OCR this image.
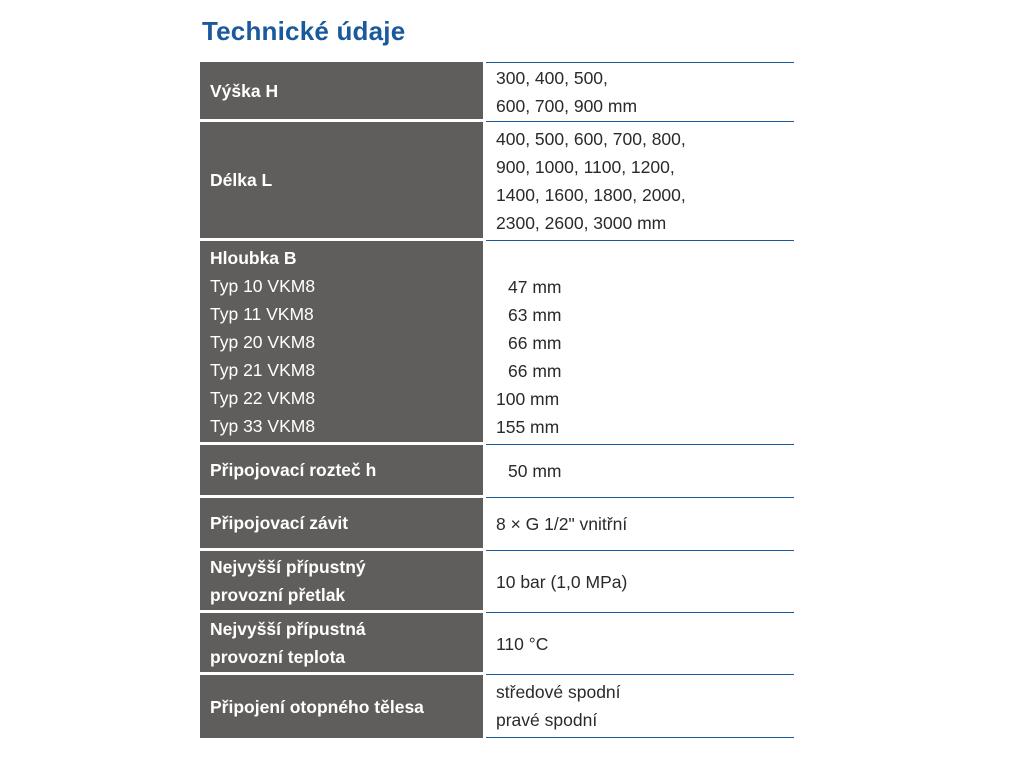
Technické údaje
Výška H
300, 400, 500,
600, 700, 900 mm
Délka L
400, 500, 600, 700, 800,
900, 1000, 1100, 1200,
1400, 1600, 1800, 2000,
2300, 2600, 3000 mm
Hloubka B
Typ 10 VKM8
Typ 11 VKM8
Typ 20 VKM8
Typ 21 VKM8
Typ 22 VKM8
Typ 33 VKM8
47 mm
63 mm
66 mm
66 mm
100 mm
155 mm
Připojovací rozteč h	50 mm
Připojovací závit	8 × G 1/2" vnitřní
Nejvyšší přípustný
provozní přetlak
10 bar (1,0 MPa)
Nejvyšší přípustná
provozní teplota
110 °C
Připojení otopného tělesa
středové spodní
pravé spodní
